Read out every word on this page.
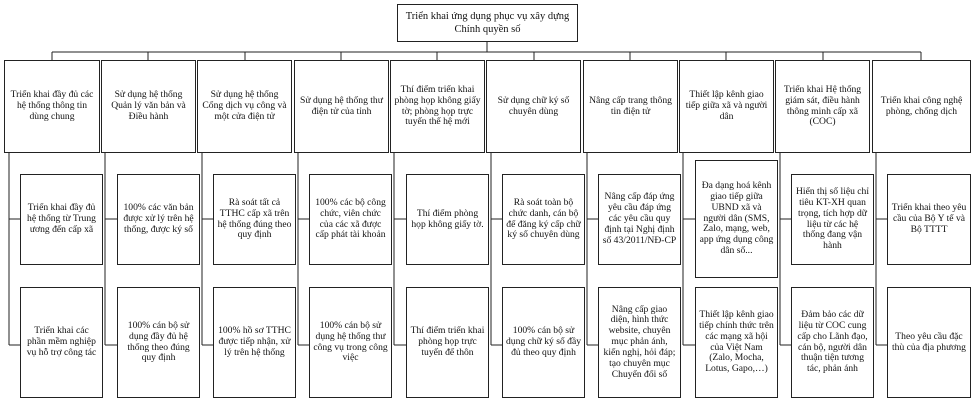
Triển khai ứng dụng phục vụ xây dựng Chính quyền số
Triển khai đầy đủ các hệ thống thông tin dùng chung
Triển khai đầy đủ hệ thống từ Trung ương đến cấp xã
Triển khai các phần mềm nghiệp vụ hỗ trợ công tác
Sử dụng hệ thống Quản lý văn bản và Điều hành
100% các văn bản được xử lý trên hệ thống, được ký số
100% cán bộ sử dụng đầy đủ hệ thống theo đúng quy định
Sử dụng hệ thống Cổng dịch vụ công và một cửa điện tử
Rà soát tất cả TTHC cấp xã trên hệ thống đúng theo quy định
100% hồ sơ TTHC được tiếp nhận, xử lý trên hệ thống
Sử dụng hệ thống thư điện tử của tỉnh
100% các bộ công chức, viên chức của các xã được cấp phát tài khoản
100% cán bộ sử dụng hệ thống thư công vụ trong công việc
Thí điểm triển khai phòng họp không giấy tờ; phòng họp trực tuyến thế hệ mới
Thí điểm phòng họp không giấy tờ.
Thí điểm triển khai phòng họp trực tuyến để thôn
Sử dụng chữ ký số chuyên dùng
Rà soát toàn bộ chức danh, cán bộ để đăng ký cấp chữ ký số chuyên dùng
100% cán bộ sử dụng chữ ký số đầy đủ theo quy định
Nâng cấp trang thông tin điện tử
Nâng cấp đáp ứng yêu cầu đáp ứng các yêu cầu quy định tại Nghị định số 43/2011/NĐ-CP
Nâng cấp giao diện, hình thức website, chuyên mục phản ánh, kiến nghị, hỏi đáp; tạo chuyên mục Chuyển đổi số
Thiết lập kênh giao tiếp giữa xã và người dân
Đa dạng hoá kênh giao tiếp giữa UBND xã và người dân (SMS, Zalo, mạng, web, app ứng dụng công dân số...
Thiết lập kênh giao tiếp chính thức trên các mạng xã hội của Việt Nam (Zalo, Mocha, Lotus, Gapo,…)
Triển khai Hệ thống giám sát, điều hành thông minh cấp xã (COC)
Hiển thị số liệu chỉ tiêu KT-XH quan trọng, tích hợp dữ liệu từ các hệ thống đang vận hành
Đảm bảo các dữ liệu từ COC cung cấp cho Lãnh đạo, cán bộ, người dân thuận tiện tương tác, phản ánh
Triển khai công nghệ phòng, chống dịch
Triển khai theo yêu cầu của Bộ Y tế và Bộ TTTT
Theo yêu cầu đặc thù của địa phương
